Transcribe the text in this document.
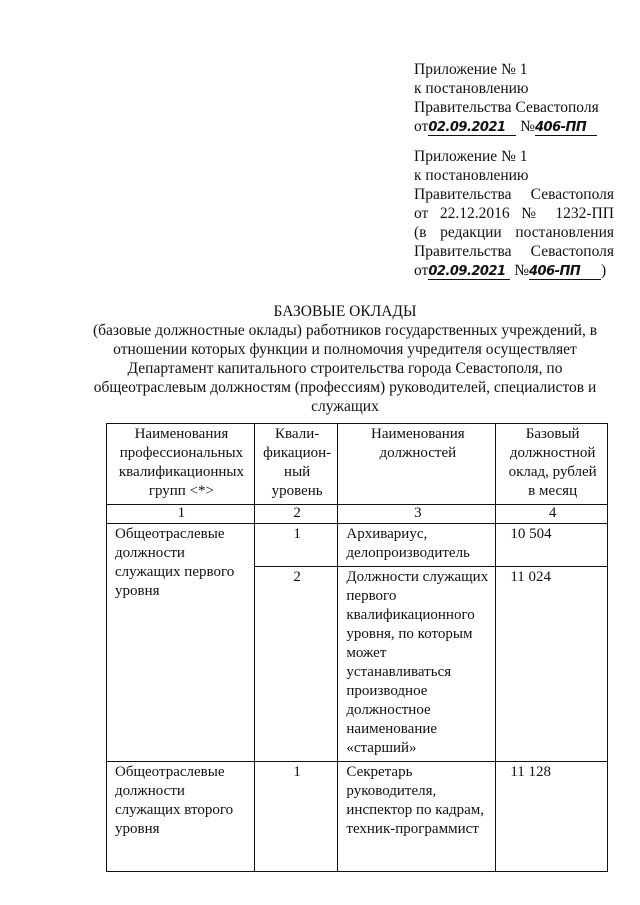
Приложение № 1
к постановлению
Правительства Севастополя
от02.09.2021 №406-ПП
Приложение № 1
к постановлению
Правительства Севастополя
от 22.12.2016 № 1232-ПП
(в редакции постановления
Правительства Севастополя
от02.09.2021 №406-ПП )
БАЗОВЫЕ ОКЛАДЫ
(базовые должностные оклады) работников государственных учреждений, в отношении которых функции и полномочия учредителя осуществляет Департамент капитального строительства города Севастополя, по общеотраслевым должностям (профессиям) руководителей, специалистов и служащих
Наименования профессиональных квалификационных групп <*>	Квали-фикацион-ный уровень	Наименования должностей	Базовый должностной оклад, рублей в месяц
1	2	3	4
Общеотраслевые должности служащих первого уровня	1	Архивариус, делопроизводитель	10 504
	2	Должности служащих первого квалификационного уровня, по которым может устанавливаться производное должностное наименование «старший»	11 024
Общеотраслевые должности служащих второго уровня	1	Секретарь руководителя, инспектор по кадрам, техник-программист	11 128
